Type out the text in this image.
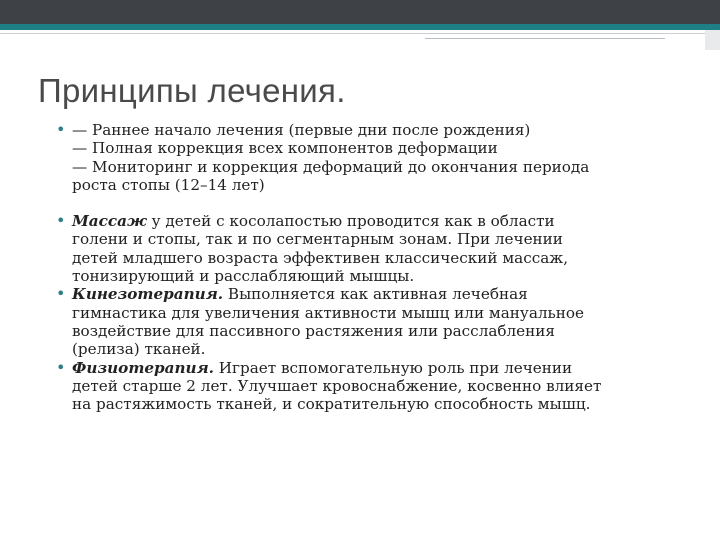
Принципы лечения.
• — Раннее начало лечения (первые дни после рождения)
— Полная коррекция всех компонентов деформации
— Мониторинг и коррекция деформаций до окончания периода
роста стопы (12–14 лет)
• Массаж у детей с косолапостью проводится как в области
голени и стопы, так и по сегментарным зонам. При лечении
детей младшего возраста эффективен классический массаж,
тонизирующий и расслабляющий мышцы.
• Кинезотерапия. Выполняется как активная лечебная
гимнастика для увеличения активности мышц или мануальное
воздействие для пассивного растяжения или расслабления
(релиза) тканей.
• Физиотерапия. Играет вспомогательную роль при лечении
детей старше 2 лет. Улучшает кровоснабжение, косвенно влияет
на растяжимость тканей, и сократительную способность мышц.
